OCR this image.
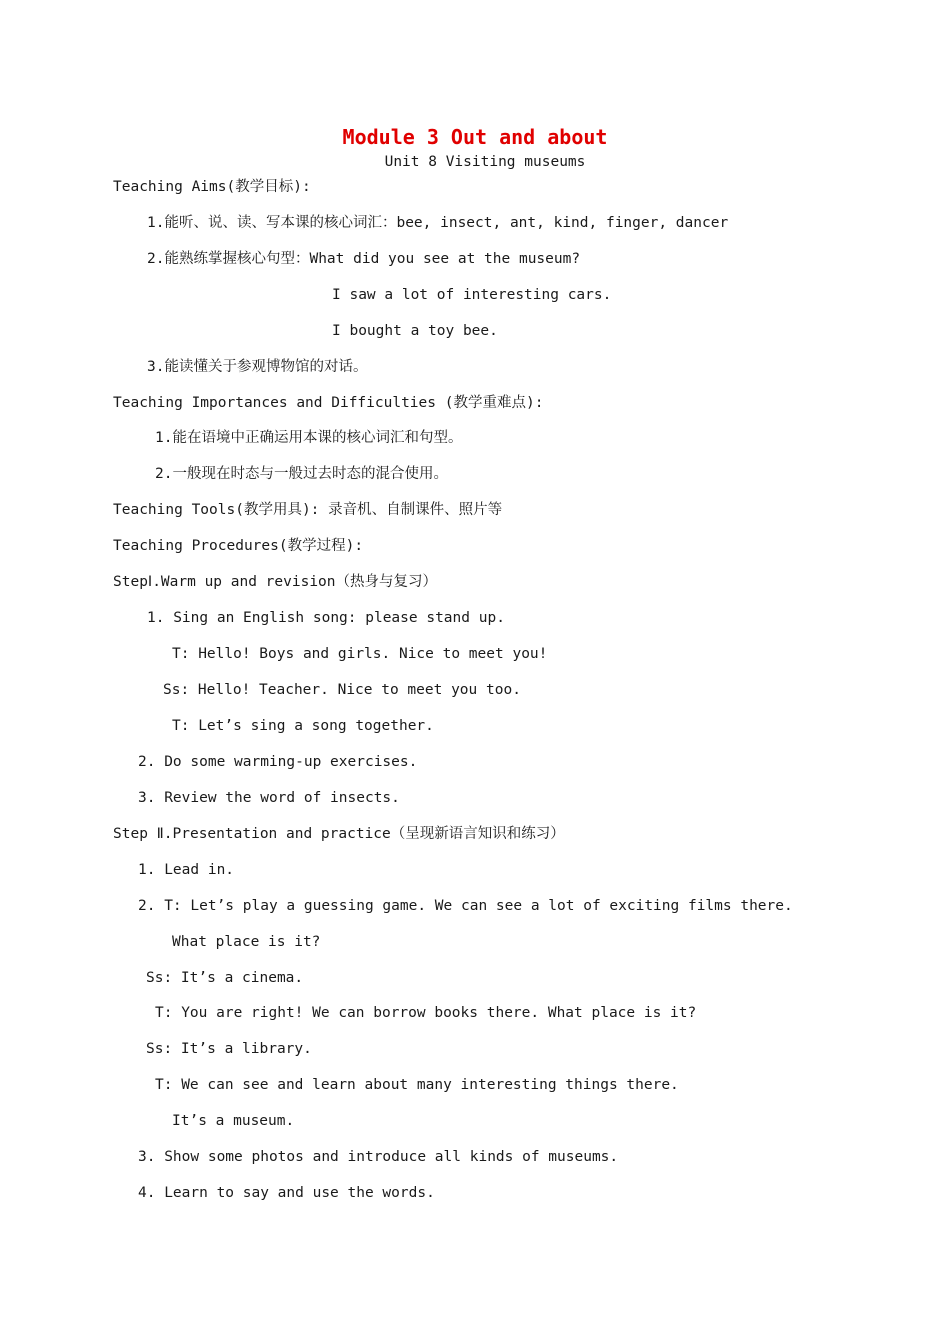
Module 3 Out and about
Unit 8 Visiting museums
Teaching Aims(教学目标):
1.能听、说、读、写本课的核心词汇：bee, insect, ant, kind, finger, dancer
2.能熟练掌握核心句型：What did you see at the museum?
I saw a lot of interesting cars.
I bought a toy bee.
3.能读懂关于参观博物馆的对话。
Teaching Importances and Difficulties (教学重难点):
1.能在语境中正确运用本课的核心词汇和句型。
2.一般现在时态与一般过去时态的混合使用。
Teaching Tools(教学用具): 录音机、自制课件、照片等
Teaching Procedures(教学过程):
StepⅠ.Warm up and revision（热身与复习）
1. Sing an English song: please stand up.
T: Hello! Boys and girls. Nice to meet you!
Ss: Hello! Teacher. Nice to meet you too.
T: Let’s sing a song together.
2. Do some warming-up exercises.
3. Review the word of insects.
Step Ⅱ.Presentation and practice（呈现新语言知识和练习）
1. Lead in.
2. T: Let’s play a guessing game. We can see a lot of exciting films there.
What place is it?
Ss: It’s a cinema.
T: You are right! We can borrow books there. What place is it?
Ss: It’s a library.
T: We can see and learn about many interesting things there.
It’s a museum.
3. Show some photos and introduce all kinds of museums.
4. Learn to say and use the words.
